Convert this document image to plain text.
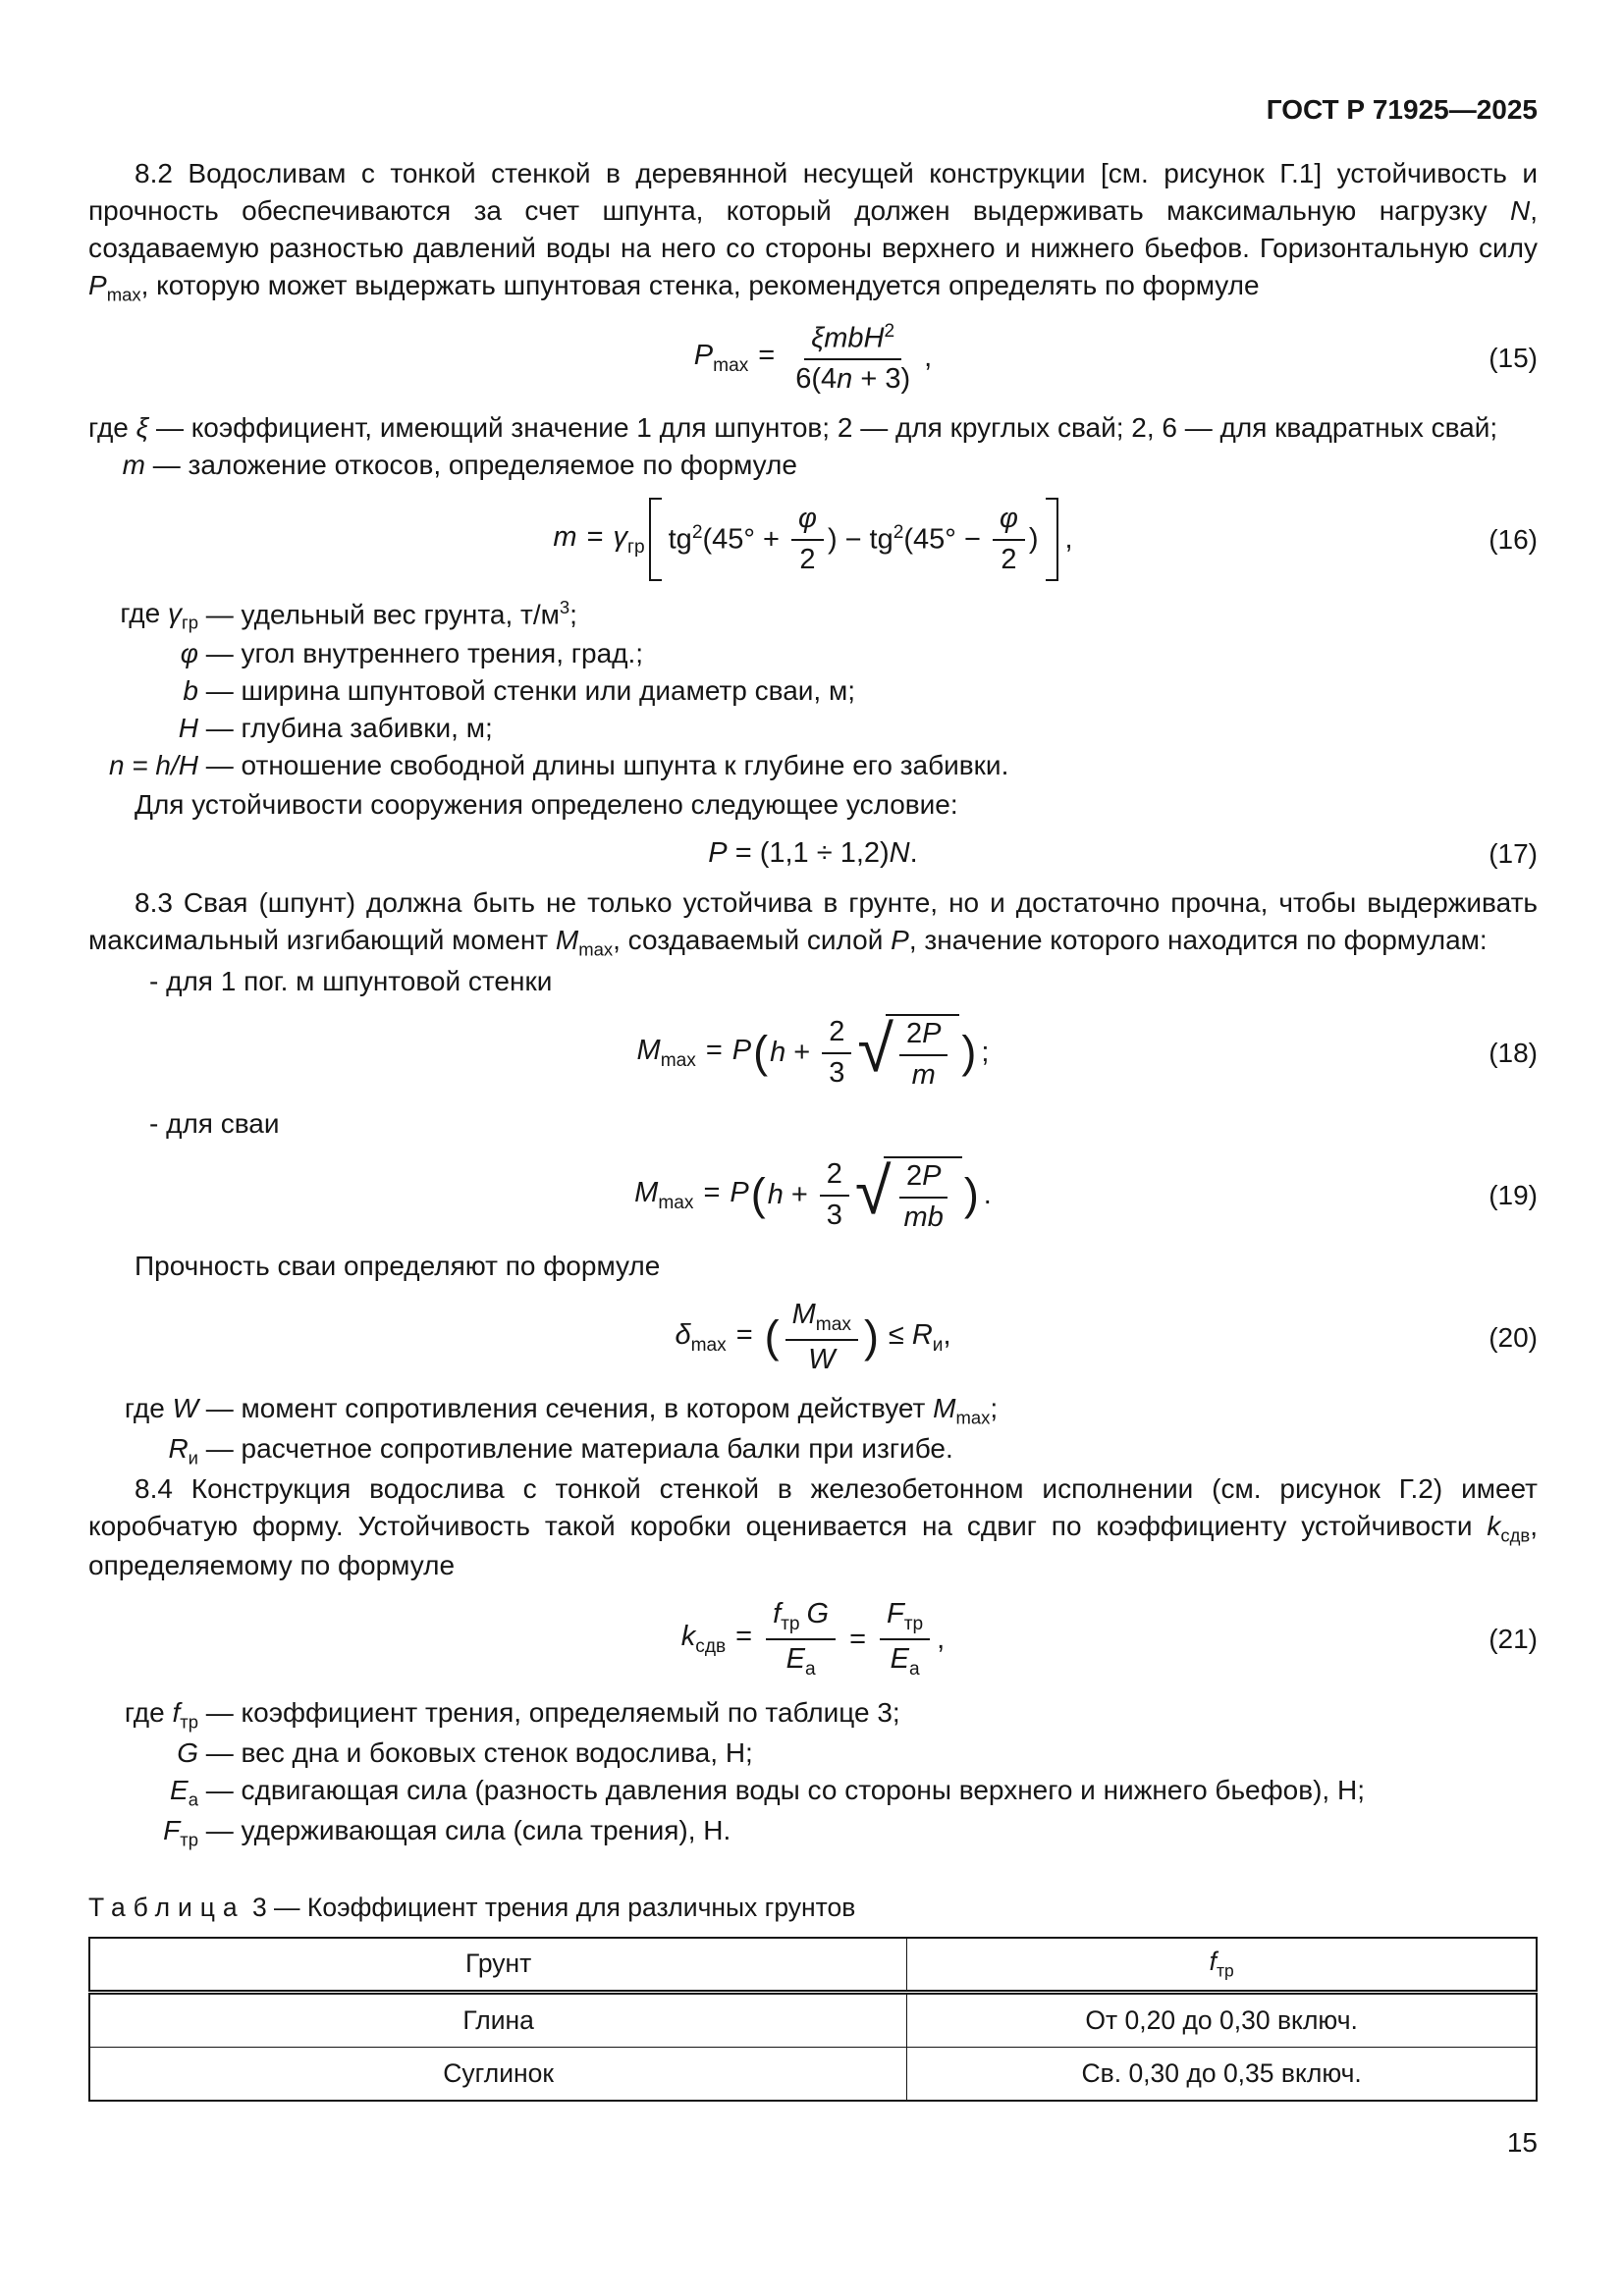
ГОСТ Р 71925—2025

8.2 Водосливам с тонкой стенкой в деревянной несущей конструкции [см. рисунок Г.1] устойчивость и прочность обеспечиваются за счет шпунта, который должен выдерживать максимальную нагрузку N, создаваемую разностью давлений воды на него со стороны верхнего и нижнего бьефов. Горизонтальную силу $P_{max}$, которую может выдержать шпунтовая стенка, рекомендуется определять по формуле

$P_{max} = \frac{\xi mbH^2}{6(4n + 3)}$ ,	(15)

где ξ — коэффициент, имеющий значение 1 для шпунтов; 2 — для круглых свай; 2, 6 — для квадратных свай;

m — заложение откосов, определяемое по формуле
$m = \gamma_{гр}$ $tg^2(45^\circ + \frac{\varphi}{2}$ ) − $tg^2(45^\circ - \frac{\varphi}{2}$ ) ,	(16)
где $\gamma_{гр}$ — удельный вес грунта, $т/м^3$;
φ — угол внутреннего трения, град.;
b — ширина шпунтовой стенки или диаметр сваи, м;
H — глубина забивки, м;
n = h/H — отношение свободной длины шпунта к глубине его забивки.

Для устойчивости сооружения определено следующее условие:

P = (1,1 ÷ 1,2)N.	(17)

8.3 Свая (шпунт) должна быть не только устойчива в грунте, но и достаточно прочна, чтобы выдерживать максимальный изгибающий момент $M_{max}$, создаваемый силой P, значение которого находится по формулам:

- для 1 пог. м шпунтовой стенки
$M_{max} = P$ ( $h + \frac{2}{3}$ √ $\frac{2P}{m}$ ) ;	(18)
- для сваи
$M_{max} = P$ ( $h + \frac{2}{3}$ √ $\frac{2P}{mb}$ ) .	(19)

Прочность сваи определяют по формуле

$\delta_{max}$ = ( $\frac{M_{max}}{W}$ ) ≤ $R_и$,	(20)
где W — момент сопротивления сечения, в котором действует $M_{max}$;
$R_и$ — расчетное сопротивление материала балки при изгибе.

8.4 Конструкция водослива с тонкой стенкой в железобетонном исполнении (см. рисунок Г.2) имеет коробчатую форму. Устойчивость такой коробки оценивается на сдвиг по коэффициенту устойчивости $k_{сдв}$, определяемому по формуле

$k_{сдв} = \frac{f_{тр} G}{E_a} = \frac{F_{тр}}{E_a}$ ,	(21)
где $f_{тр}$ — коэффициент трения, определяемый по таблице 3;
G — вес дна и боковых стенок водослива, Н;
$E_a$ — сдвигающая сила (разность давления воды со стороны верхнего и нижнего бьефов), Н;
$F_{тр}$ — удерживающая сила (сила трения), Н.

Таблица 3 — Коэффициент трения для различных грунтов

Грунт	$f_{тр}$
Глина	От 0,20 до 0,30 включ.
Суглинок	Св. 0,30 до 0,35 включ.
15
